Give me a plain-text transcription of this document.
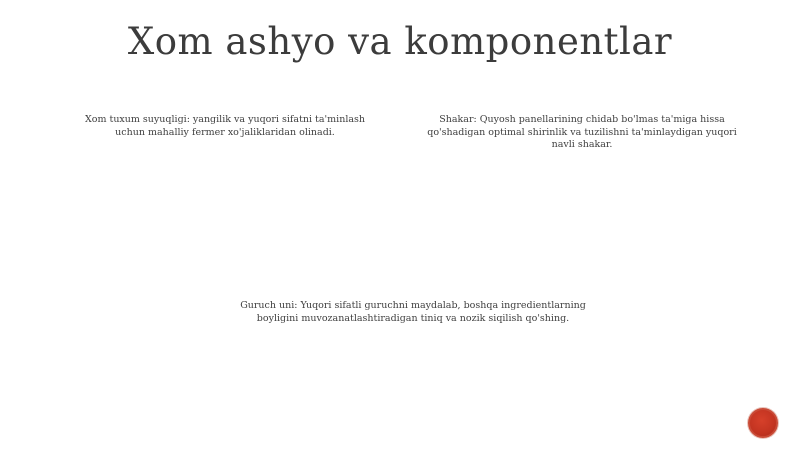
Xom ashyo va komponentlar

Xom tuxum suyuqligi: yangilik va yuqori sifatni ta'minlash uchun mahalliy fermer xo'jaliklaridan olinadi.

Shakar: Quyosh panellarining chidab bo'lmas ta'miga hissa qo'shadigan optimal shirinlik va tuzilishni ta'minlaydigan yuqori navli shakar.

Guruch uni: Yuqori sifatli guruchni maydalab, boshqa ingredientlarning boyligini muvozanatlashtiradigan tiniq va nozik siqilish qo'shing.
